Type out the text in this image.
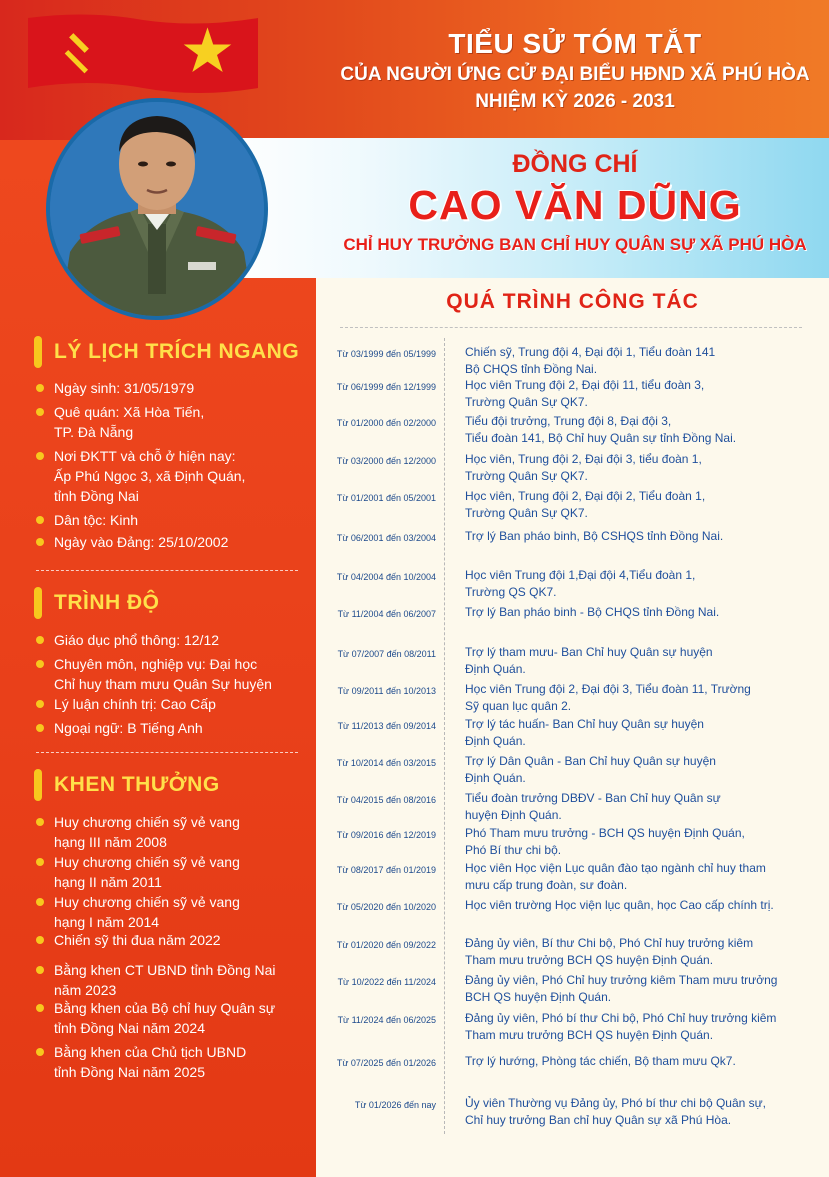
TIỂU SỬ TÓM TẮT
CỦA NGƯỜI ỨNG CỬ ĐẠI BIỂU HĐND XÃ PHÚ HÒA
NHIỆM KỲ 2026 - 2031
ĐỒNG CHÍ
CAO VĂN DŨNG
CHỈ HUY TRƯỞNG BAN CHỈ HUY QUÂN SỰ XÃ PHÚ HÒA
QUÁ TRÌNH CÔNG TÁC
Từ 03/1999 đến 05/1999 Chiến sỹ, Trung đội 4, Đại đội 1, Tiểu đoàn 141
Bộ CHQS tỉnh Đồng Nai.
Từ 06/1999 đến 12/1999 Học viên Trung đội 2, Đại đội 11, tiểu đoàn 3,
Trường Quân Sự QK7.
Từ 01/2000 đến 02/2000 Tiểu đội trưởng, Trung đội 8, Đại đội 3,
Tiểu đoàn 141, Bộ Chỉ huy Quân sự tỉnh Đồng Nai.
Từ 03/2000 đến 12/2000 Học viên, Trung đội 2, Đại đội 3, tiểu đoàn 1,
Trường Quân Sự QK7.
Từ 01/2001 đến 05/2001 Học viên, Trung đội 2, Đại đội 2, Tiểu đoàn 1,
Trường Quân Sự QK7.
Từ 06/2001 đến 03/2004 Trợ lý Ban pháo binh, Bộ CSHQS tỉnh Đồng Nai.
Từ 04/2004 đến 10/2004 Học viên Trung đội 1,Đại đội 4,Tiểu đoàn 1,
Trường QS QK7.
Từ 11/2004 đến 06/2007 Trợ lý Ban pháo binh - Bộ CHQS tỉnh Đồng Nai.
Từ 07/2007 đến 08/2011 Trợ lý tham mưu- Ban Chỉ huy Quân sự huyện
Định Quán.
Từ 09/2011 đến 10/2013 Học viên Trung đội 2, Đại đội 3, Tiểu đoàn 11, Trường
Sỹ quan lục quân 2.
Từ 11/2013 đến 09/2014 Trợ lý tác huấn- Ban Chỉ huy Quân sự huyện
Định Quán.
Từ 10/2014 đến 03/2015 Trợ lý Dân Quân - Ban Chỉ huy Quân sự huyện
Định Quán.
Từ 04/2015 đến 08/2016 Tiểu đoàn trưởng DBĐV - Ban Chỉ huy Quân sự
huyện Định Quán.
Từ 09/2016 đến 12/2019 Phó Tham mưu trưởng - BCH QS huyện Định Quán,
Phó Bí thư chi bộ.
Từ 08/2017 đến 01/2019 Học viên Học viện Lục quân đào tạo ngành chỉ huy tham
mưu cấp trung đoàn, sư đoàn.
Từ 05/2020 đến 10/2020 Học viên trường Học viện lục quân, học Cao cấp chính trị.
Từ 01/2020 đến 09/2022 Đảng ủy viên, Bí thư Chi bộ, Phó Chỉ huy trưởng kiêm
Tham mưu trưởng BCH QS huyện Định Quán.
Từ 10/2022 đến 11/2024 Đảng ủy viên, Phó Chỉ huy trưởng kiêm Tham mưu trưởng
BCH QS huyện Định Quán.
Từ 11/2024 đến 06/2025 Đảng ủy viên, Phó bí thư Chi bộ, Phó Chỉ huy trưởng kiêm
Tham mưu trưởng BCH QS huyện Định Quán.
Từ 07/2025 đến 01/2026 Trợ lý hướng, Phòng tác chiến, Bộ tham mưu Qk7.
Từ 01/2026 đến nay Ủy viên Thường vụ Đảng ủy, Phó bí thư chi bộ Quân sự,
Chỉ huy trưởng Ban chỉ huy Quân sự xã Phú Hòa.
LÝ LỊCH TRÍCH NGANG
Ngày sinh: 31/05/1979
Quê quán: Xã Hòa Tiến,
TP. Đà Nẵng
Nơi ĐKTT và chỗ ở hiện nay:
Ấp Phú Ngọc 3, xã Định Quán,
tỉnh Đồng Nai
Dân tộc: Kinh
Ngày vào Đảng: 25/10/2002
TRÌNH ĐỘ
Giáo dục phổ thông: 12/12
Chuyên môn, nghiệp vụ: Đại học
Chỉ huy tham mưu Quân Sự huyện
Lý luận chính trị: Cao Cấp
Ngoại ngữ: B Tiếng Anh
KHEN THƯỞNG
Huy chương chiến sỹ vẻ vang
hạng III năm 2008
Huy chương chiến sỹ vẻ vang
hạng II năm 2011
Huy chương chiến sỹ vẻ vang
hạng I năm 2014
Chiến sỹ thi đua năm 2022
Bằng khen CT UBND tỉnh Đồng Nai
năm 2023
Bằng khen của Bộ chỉ huy Quân sự
tỉnh Đồng Nai năm 2024
Bằng khen của Chủ tịch UBND
tỉnh Đồng Nai năm 2025
